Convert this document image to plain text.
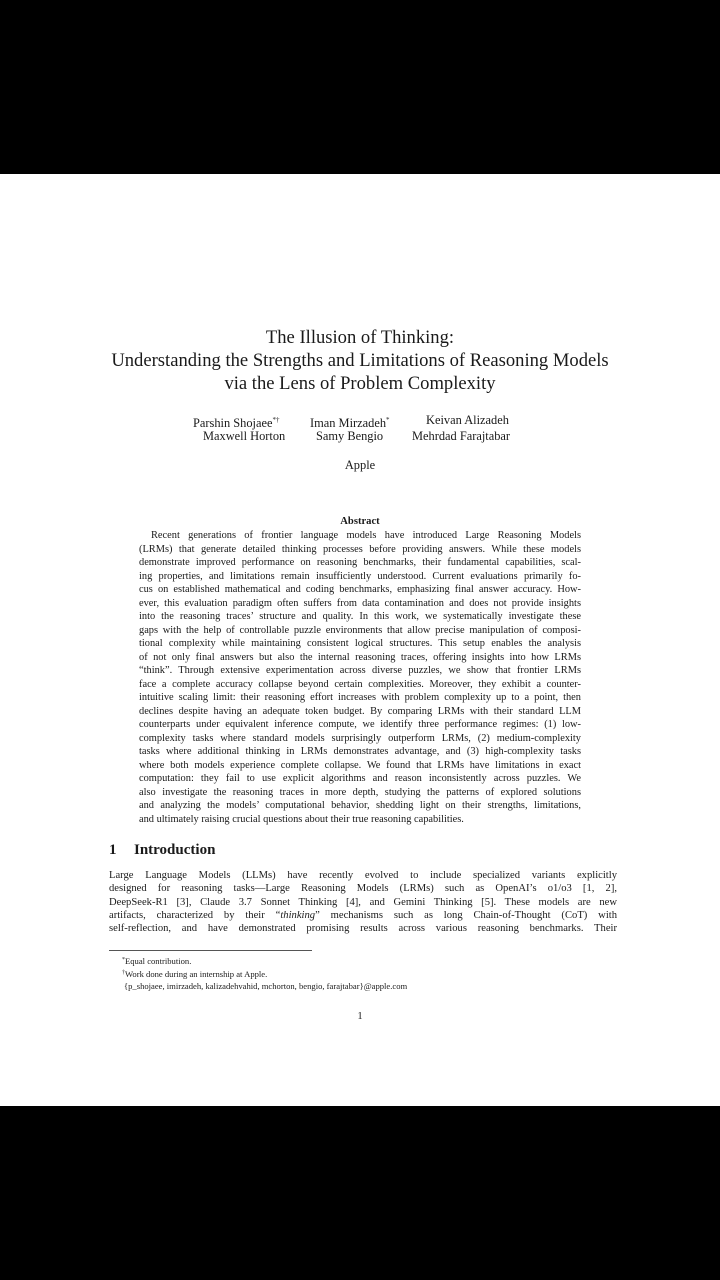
The Illusion of Thinking:
Understanding the Strengths and Limitations of Reasoning Models
via the Lens of Problem Complexity
Parshin Shojaee*† Iman Mirzadeh*	Keivan Alizadeh
Maxwell Horton Samy Bengio Mehrdad Farajtabar
Apple
Abstract
Recent generations of frontier language models have introduced Large Reasoning Models
(LRMs) that generate detailed thinking processes before providing answers. While these models
demonstrate improved performance on reasoning benchmarks, their fundamental capabilities, scal-
ing properties, and limitations remain insufficiently understood. Current evaluations primarily fo-
cus on established mathematical and coding benchmarks, emphasizing final answer accuracy. How-
ever, this evaluation paradigm often suffers from data contamination and does not provide insights
into the reasoning traces’ structure and quality. In this work, we systematically investigate these
gaps with the help of controllable puzzle environments that allow precise manipulation of composi-
tional complexity while maintaining consistent logical structures. This setup enables the analysis
of not only final answers but also the internal reasoning traces, offering insights into how LRMs
“think”. Through extensive experimentation across diverse puzzles, we show that frontier LRMs
face a complete accuracy collapse beyond certain complexities. Moreover, they exhibit a counter-
intuitive scaling limit: their reasoning effort increases with problem complexity up to a point, then
declines despite having an adequate token budget. By comparing LRMs with their standard LLM
counterparts under equivalent inference compute, we identify three performance regimes: (1) low-
complexity tasks where standard models surprisingly outperform LRMs, (2) medium-complexity
tasks where additional thinking in LRMs demonstrates advantage, and (3) high-complexity tasks
where both models experience complete collapse. We found that LRMs have limitations in exact
computation: they fail to use explicit algorithms and reason inconsistently across puzzles. We
also investigate the reasoning traces in more depth, studying the patterns of explored solutions
and analyzing the models’ computational behavior, shedding light on their strengths, limitations,
and ultimately raising crucial questions about their true reasoning capabilities.
1 Introduction
Large Language Models (LLMs) have recently evolved to include specialized variants explicitly
designed for reasoning tasks—Large Reasoning Models (LRMs) such as OpenAI’s o1/o3 [1, 2],
DeepSeek-R1 [3], Claude 3.7 Sonnet Thinking [4], and Gemini Thinking [5]. These models are new
artifacts, characterized by their “thinking” mechanisms such as long Chain-of-Thought (CoT) with
self-reflection, and have demonstrated promising results across various reasoning benchmarks. Their
*Equal contribution.
†Work done during an internship at Apple.
{p_shojaee, imirzadeh, kalizadehvahid, mchorton, bengio, farajtabar}@apple.com
1
